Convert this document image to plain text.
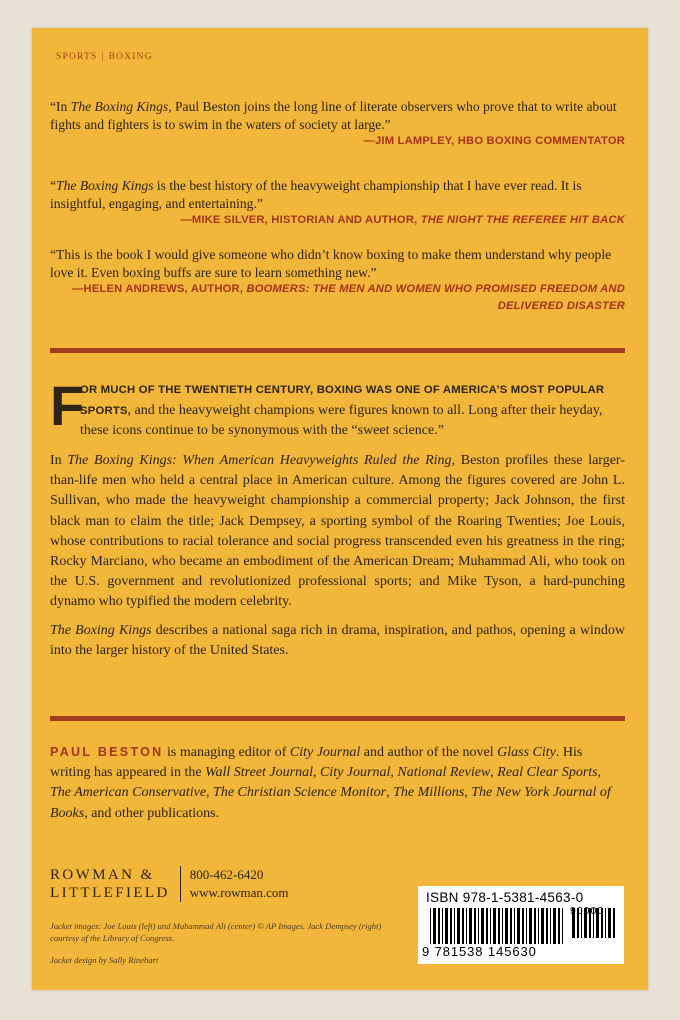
SPORTS | BOXING
“In The Boxing Kings, Paul Beston joins the long line of literate observers who prove that to write about fights and fighters is to swim in the waters of society at large.”
—JIM LAMPLEY, HBO BOXING COMMENTATOR
“The Boxing Kings is the best history of the heavyweight championship that I have ever read. It is insightful, engaging, and entertaining.”
—MIKE SILVER, HISTORIAN AND AUTHOR, THE NIGHT THE REFEREE HIT BACK
“This is the book I would give someone who didn’t know boxing to make them understand why people love it. Even boxing buffs are sure to learn something new.”
—HELEN ANDREWS, AUTHOR, BOOMERS: THE MEN AND WOMEN WHO PROMISED FREEDOM AND DELIVERED DISASTER
F
OR MUCH OF THE TWENTIETH CENTURY, BOXING WAS ONE OF AMERICA’S MOST POPULAR SPORTS, and the heavyweight champions were figures known to all. Long after their heyday, these icons continue to be synonymous with the “sweet science.”

In The Boxing Kings: When American Heavyweights Ruled the Ring, Beston profiles these larger-than-life men who held a central place in American culture. Among the figures covered are John L. Sullivan, who made the heavyweight championship a commercial property; Jack Johnson, the first black man to claim the title; Jack Dempsey, a sporting symbol of the Roaring Twenties; Joe Louis, whose contributions to racial tolerance and social progress transcended even his greatness in the ring; Rocky Marciano, who became an embodiment of the American Dream; Muhammad Ali, who took on the U.S. government and revolutionized professional sports; and Mike Tyson, a hard-punching dynamo who typified the modern celebrity.

The Boxing Kings describes a national saga rich in drama, inspiration, and pathos, opening a window into the larger history of the United States.

PAUL BESTON is managing editor of City Journal and author of the novel Glass City. His writing has appeared in the Wall Street Journal, City Journal, National Review, Real Clear Sports, The American Conservative, The Christian Science Monitor, The Millions, The New York Journal of Books, and other publications.
ROWMAN &
LITTLEFIELD
800-462-6420
www.rowman.com

Jacket images: Joe Louis (left) and Muhammad Ali (center) © AP Images. Jack Dempsey (right) courtesy of the Library of Congress.

Jacket design by Sally Rinehart

ISBN 978-1-5381-4563-0
9 781538 145630
90000
